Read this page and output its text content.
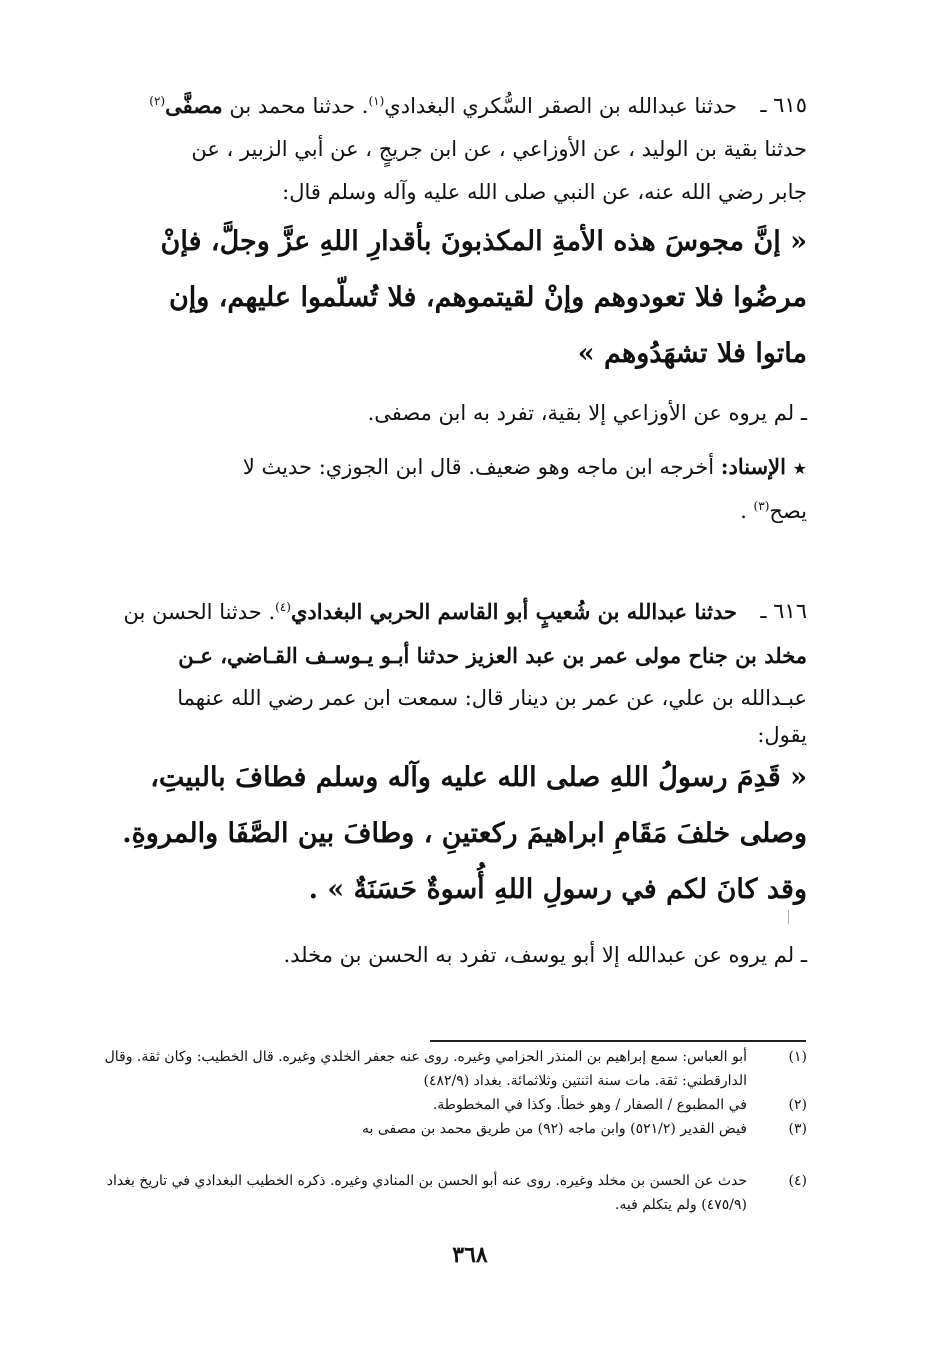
٦١٥ ـ
حدثنا عبدالله بن الصقر السُّكري البغدادي$^{(١)}$. حدثنا محمد بن مصفَّى$^{(٢)}$
حدثنا بقية بن الوليد ، عن الأوزاعي ، عن ابن جريجٍ ، عن أبي الزبير ، عن
جابر رضي الله عنه، عن النبي صلى الله عليه وآله وسلم قال:
« إنَّ مجوسَ هذه الأمةِ المكذبونَ بأقدارِ اللهِ عزَّ وجلَّ، فإنْ
مرضُوا فلا تعودوهم وإنْ لقيتموهم، فلا تُسلّموا عليهم، وإن
ماتوا فلا تشهَدُوهم »
ـ لم يروه عن الأوزاعي إلا بقية، تفرد به ابن مصفى.
★ الإسناد: أخرجه ابن ماجه وهو ضعيف. قال ابن الجوزي: حديث لا
يصح$^{(٣)}$ .
٦١٦ ـ
حدثنا عبدالله بن شُعيبٍ أبو القاسم الحربي البغدادي$^{(٤)}$. حدثنا الحسن بن
مخلد بن جناح مولى عمر بن عبد العزيز حدثنا أبـو يـوسـف القـاضي، عـن
عبـدالله بن علي، عن عمر بن دينار قال: سمعت ابن عمر رضي الله عنهما
يقول:
« قَدِمَ رسولُ اللهِ صلى الله عليه وآله وسلم فطافَ بالبيتِ،
وصلى خلفَ مَقَامِ ابراهيمَ ركعتينِ ، وطافَ بين الصَّفَا والمروةِ.
وقد كانَ لكم في رسولِ اللهِ أُسوةٌ حَسَنَةٌ » .
ـ لم يروه عن عبدالله إلا أبو يوسف، تفرد به الحسن بن مخلد.
(١)
أبو العباس: سمع إبراهيم بن المنذر الحزامي وغيره. روى عنه جعفر الخلدي وغيره. قال الخطيب: وكان ثقة. وقال
الدارقطني: ثقة. مات سنة اثنتين وثلاثمائة. بغداد (٤٨٢/٩)
(٢)
في المطبوع / الصفار / وهو خطأ. وكذا في المخطوطة.
(٣)
فيض القدير (٥٢١/٢) وابن ماجه (٩٢) من طريق محمد بن مصفى به
(٤)
حدث عن الحسن بن مخلد وغيره. روى عنه أبو الحسن بن المنادي وغيره. ذكره الخطيب البغدادي في تاريخ بغداد
(٤٧٥/٩) ولم يتكلم فيه.
٣٦٨
